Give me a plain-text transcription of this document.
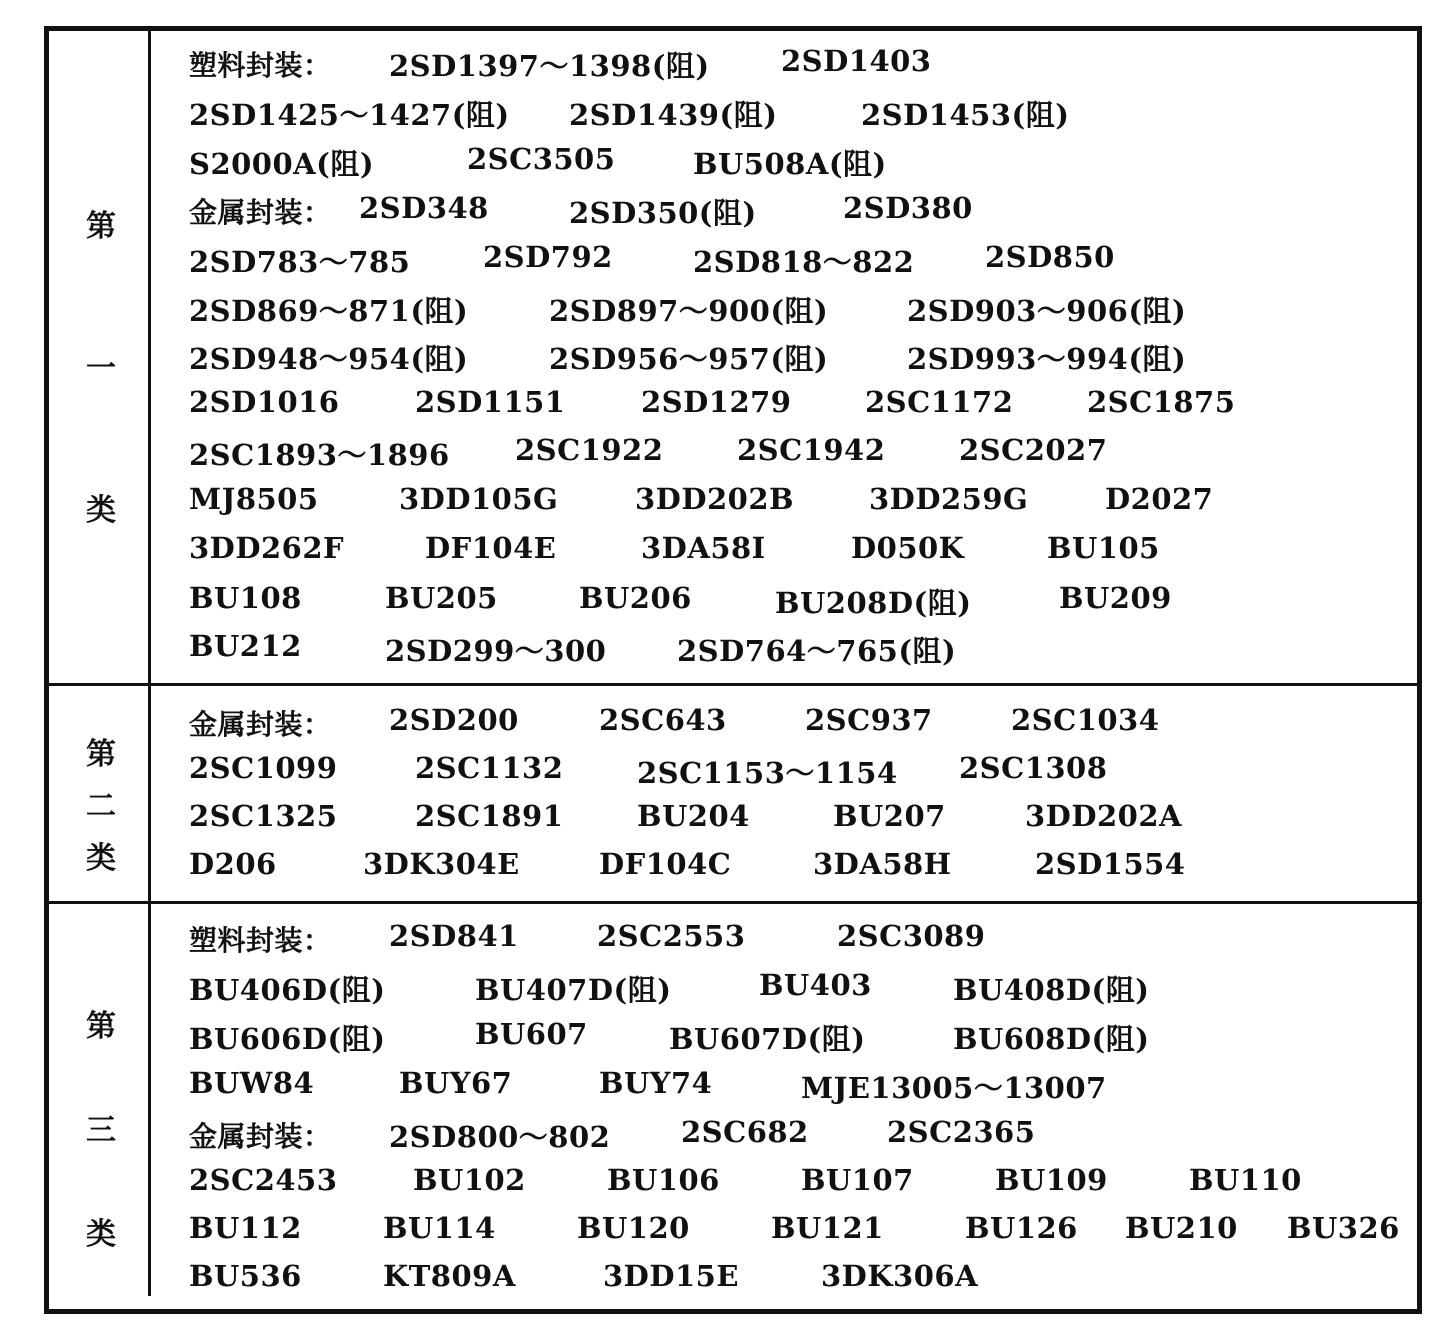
第
一
类
塑料封装： 2SD1397～1398(阻) 2SD1403
2SD1425～1427(阻) 2SD1439(阻)	2SD1453(阻)
S2000A(阻)	2SC3505	BU508A(阻)
金属封装： 2SD348	2SD350(阻)	2SD380
2SD783～785	2SD792	2SD818～822 2SD850
2SD869～871(阻)	2SD897～900(阻)	2SD903～906(阻)
2SD948～954(阻)	2SD956～957(阻)	2SD993～994(阻)
2SD1016	2SD1151	2SD1279	2SC1172	2SC1875
2SC1893～1896 2SC1922	2SC1942	2SC2027
MJ8505	3DD105G	3DD202B	3DD259G	D2027
3DD262F	DF104E	3DA58I	D050K	BU105
BU108	BU205	BU206	BU208D(阻)	BU209
BU212	2SD299～300 2SD764～765(阻)
第
二
类
金属封装： 2SD200	2SC643	2SC937	2SC1034
2SC1099	2SC1132	2SC1153～1154 2SC1308
2SC1325	2SC1891	BU204	BU207	3DD202A
D206	3DK304E	DF104C	3DA58H	2SD1554
第
三
类
塑料封装： 2SD841	2SC2553	2SC3089
BU406D(阻)	BU407D(阻)	BU403	BU408D(阻)
BU606D(阻)	BU607	BU607D(阻)	BU608D(阻)
BUW84	BUY67	BUY74	MJE13005～13007
金属封装： 2SD800～802 2SC682	2SC2365
2SC2453	BU102	BU106	BU107	BU109	BU110
BU112	BU114	BU120	BU121	BU126 BU210 BU326
BU536	KT809A	3DD15E	3DK306A
